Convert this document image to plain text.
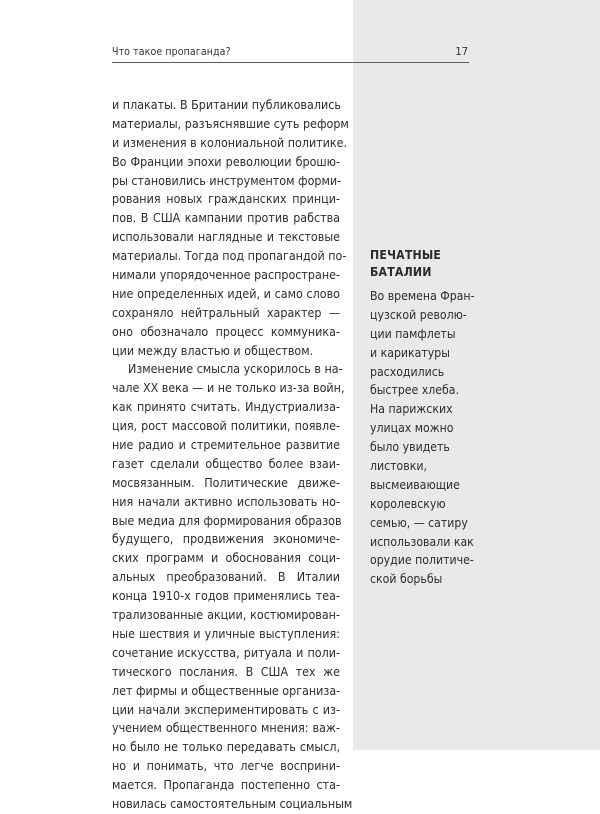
Что такое пропаганда?	17
и плакаты. В Британии публиковались
материалы, разъяснявшие суть реформ
и изменения в колониальной политике.
Во Франции эпохи революции брошю-
ры становились инструментом форми-
рования новых гражданских принци-
пов. В США кампании против рабства
использовали наглядные и текстовые
материалы. Тогда под пропагандой по-
нимали упорядоченное распростране-
ние определенных идей, и само слово
сохраняло нейтральный характер —
оно обозначало процесс коммуника-
ции между властью и обществом.
Изменение смысла ускорилось в на-
чале XX века — и не только из-за войн,
как принято считать. Индустриализа-
ция, рост массовой политики, появле-
ние радио и стремительное развитие
газет сделали общество более взаи-
мосвязанным. Политические движе-
ния начали активно использовать но-
вые медиа для формирования образов
будущего, продвижения экономиче-
ских программ и обоснования соци-
альных преобразований. В Италии
конца 1910-х годов применялись теа-
трализованные акции, костюмирован-
ные шествия и уличные выступления:
сочетание искусства, ритуала и поли-
тического послания. В США тех же
лет фирмы и общественные организа-
ции начали экспериментировать с из-
учением общественного мнения: важ-
но было не только передавать смысл,
но и понимать, что легче восприни-
мается. Пропаганда постепенно ста-
новилась самостоятельным социальным
ПЕЧАТНЫЕ
БАТАЛИИ
Во времена Фран-
цузской револю-
ции памфлеты
и карикатуры
расходились
быстрее хлеба.
На парижских
улицах можно
было увидеть
листовки,
высмеивающие
королевскую
семью, — сатиру
использовали как
орудие политиче-
ской борьбы
